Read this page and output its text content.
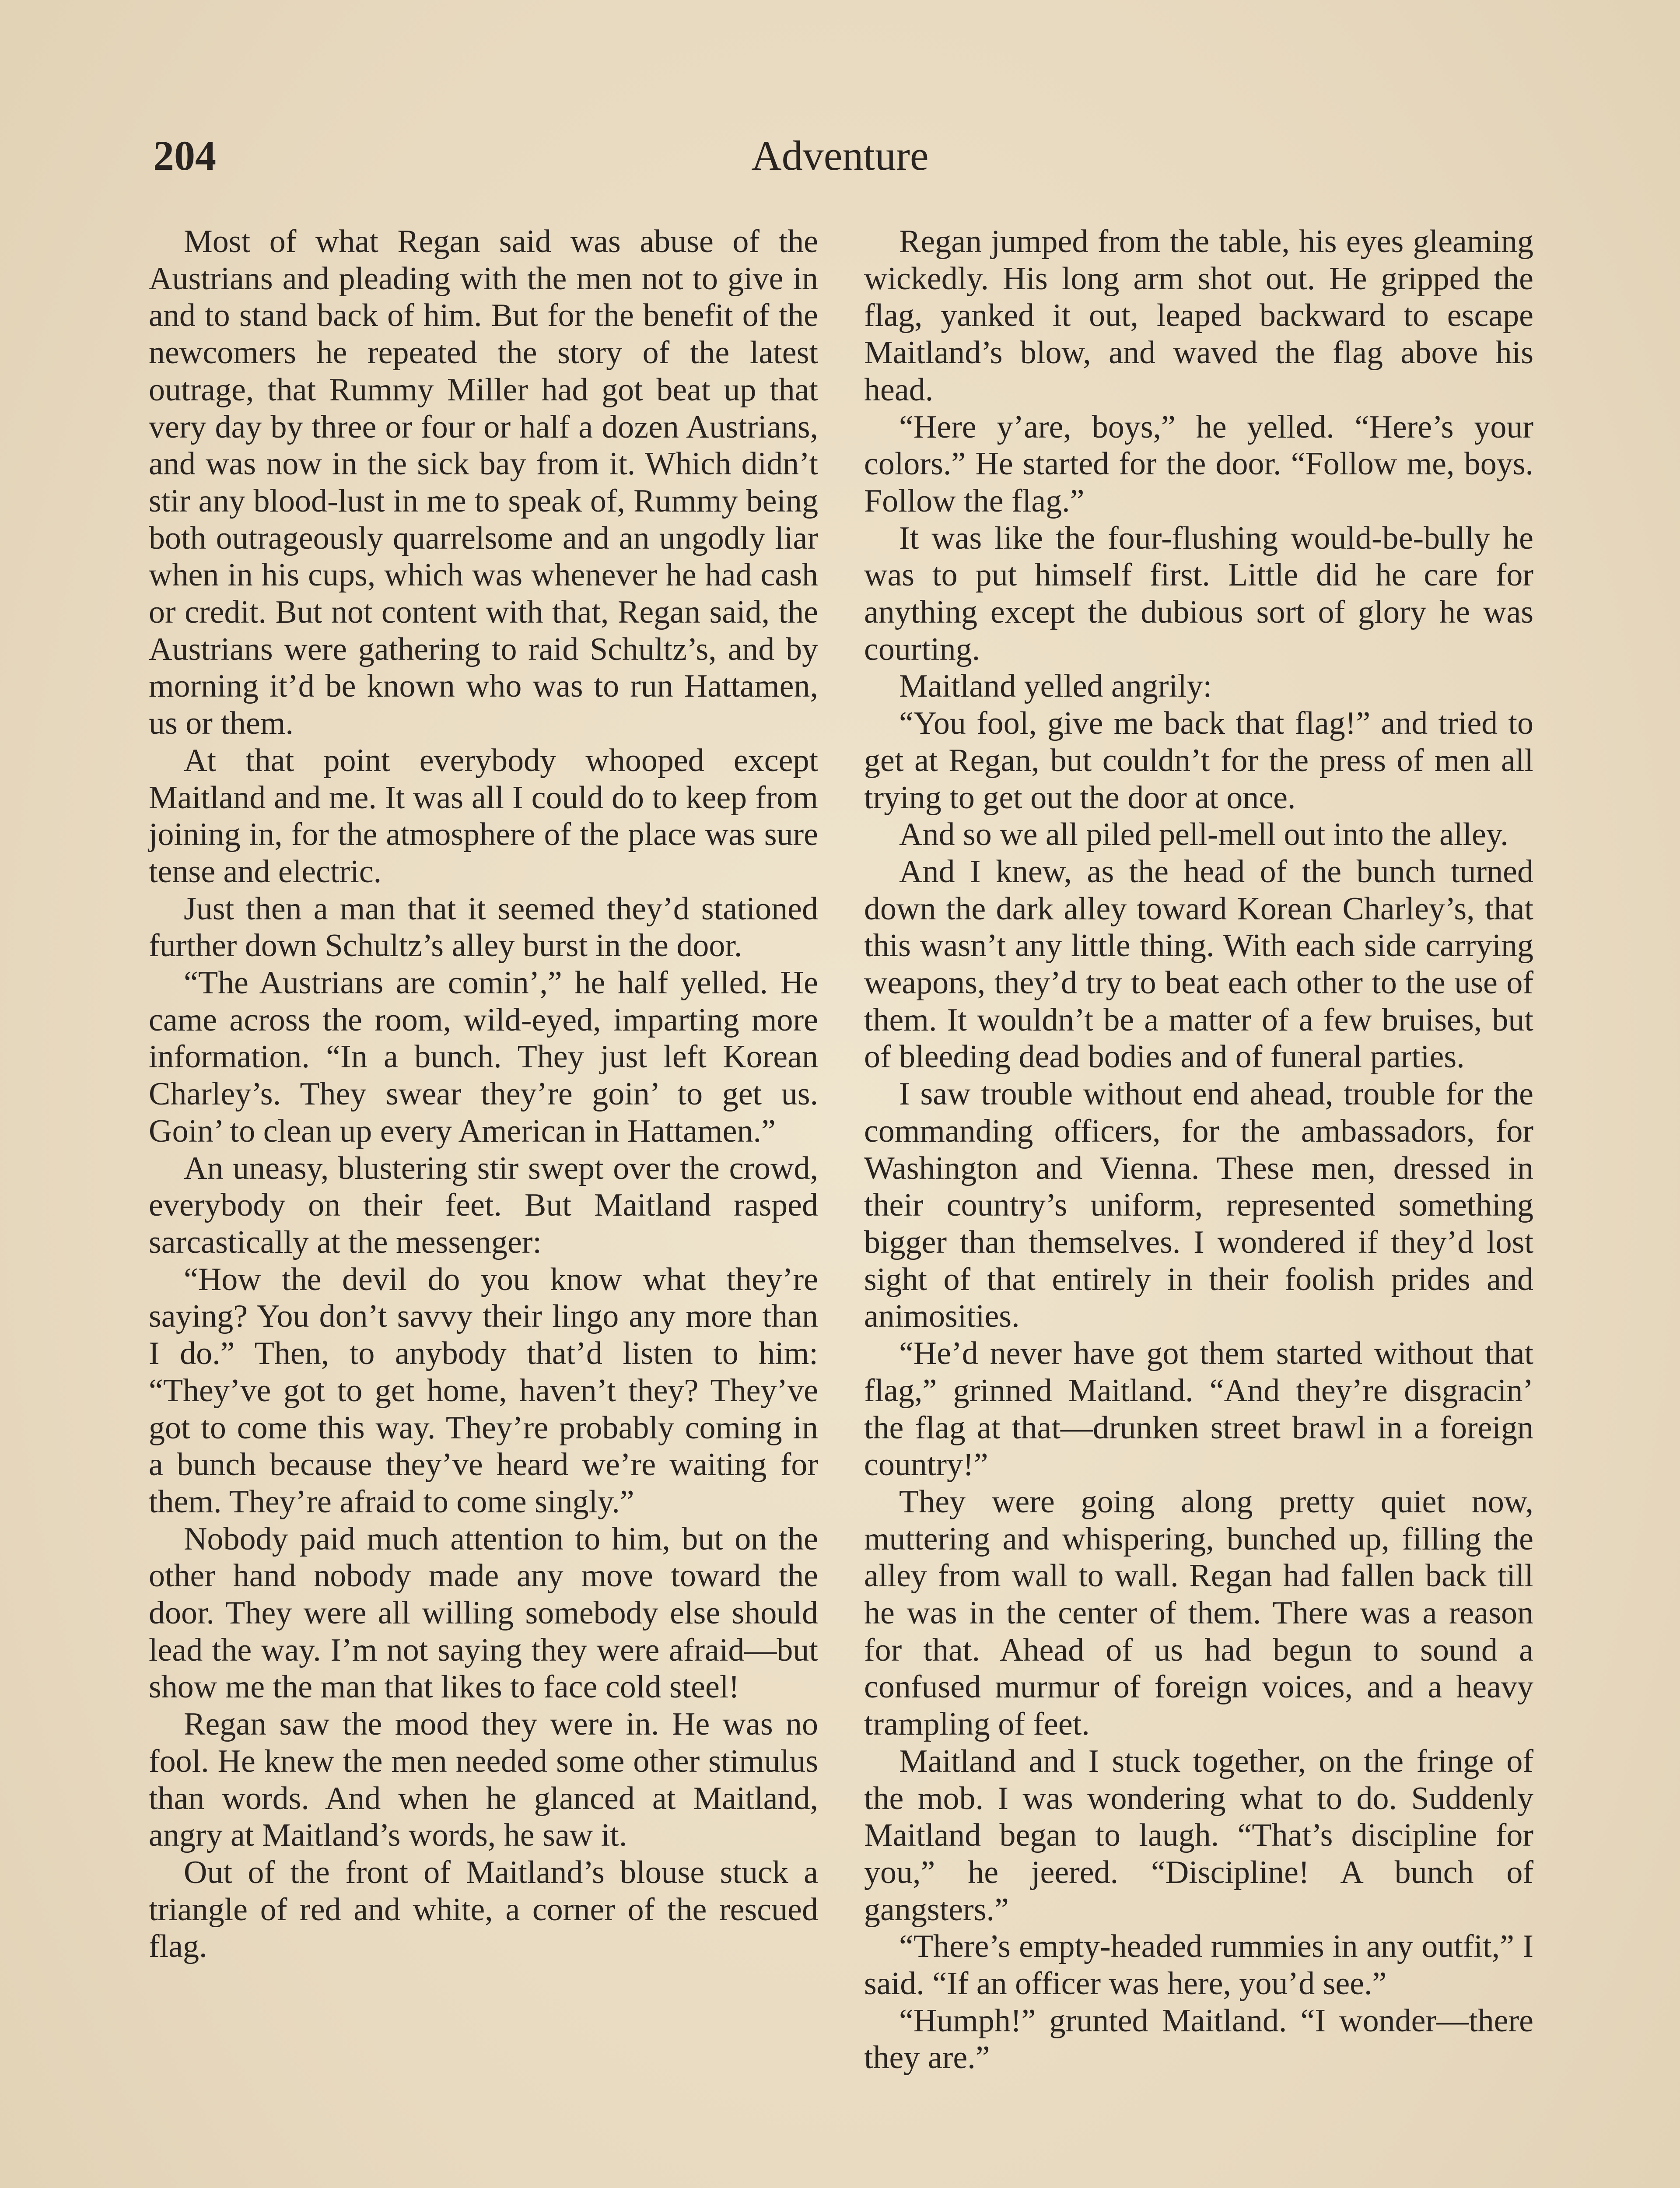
204	Adventure

Most of what Regan said was abuse of the Austrians and pleading with the men not to give in and to stand back of him. But for the benefit of the newcomers he repeated the story of the latest outrage, that Rummy Miller had got beat up that very day by three or four or half a dozen Austrians, and was now in the sick bay from it. Which didn’t stir any blood-lust in me to speak of, Rummy being both outrageously quarrelsome and an ungodly liar when in his cups, which was whenever he had cash or credit. But not content with that, Regan said, the Austrians were gathering to raid Schultz’s, and by morning it’d be known who was to run Hattamen, us or them.

At that point everybody whooped except Maitland and me. It was all I could do to keep from joining in, for the atmosphere of the place was sure tense and electric.

Just then a man that it seemed they’d stationed further down Schultz’s alley burst in the door.

“The Austrians are comin’,” he half yelled. He came across the room, wild-eyed, imparting more information. “In a bunch. They just left Korean Charley’s. They swear they’re goin’ to get us. Goin’ to clean up every American in Hattamen.”

An uneasy, blustering stir swept over the crowd, everybody on their feet. But Maitland rasped sarcastically at the messenger:

“How the devil do you know what they’re saying? You don’t savvy their lingo any more than I do.” Then, to anybody that’d listen to him: “They’ve got to get home, haven’t they? They’ve got to come this way. They’re probably coming in a bunch because they’ve heard we’re waiting for them. They’re afraid to come singly.”

Nobody paid much attention to him, but on the other hand nobody made any move toward the door. They were all willing somebody else should lead the way. I’m not saying they were afraid—but show me the man that likes to face cold steel!

Regan saw the mood they were in. He was no fool. He knew the men needed some other stimulus than words. And when he glanced at Maitland, angry at Maitland’s words, he saw it.

Out of the front of Maitland’s blouse stuck a triangle of red and white, a corner of the rescued flag.

Regan jumped from the table, his eyes gleaming wickedly. His long arm shot out. He gripped the flag, yanked it out, leaped backward to escape Maitland’s blow, and waved the flag above his head.

“Here y’are, boys,” he yelled. “Here’s your colors.” He started for the door. “Follow me, boys. Follow the flag.”

It was like the four-flushing would-be-bully he was to put himself first. Little did he care for anything except the dubious sort of glory he was courting.

Maitland yelled angrily:

“You fool, give me back that flag!” and tried to get at Regan, but couldn’t for the press of men all trying to get out the door at once.

And so we all piled pell-mell out into the alley.

And I knew, as the head of the bunch turned down the dark alley toward Korean Charley’s, that this wasn’t any little thing. With each side carrying weapons, they’d try to beat each other to the use of them. It wouldn’t be a matter of a few bruises, but of bleeding dead bodies and of funeral parties.

I saw trouble without end ahead, trouble for the commanding officers, for the ambassadors, for Washington and Vienna. These men, dressed in their country’s uniform, represented something bigger than themselves. I wondered if they’d lost sight of that entirely in their foolish prides and animosities.

“He’d never have got them started without that flag,” grinned Maitland. “And they’re disgracin’ the flag at that—drunken street brawl in a foreign country!”

They were going along pretty quiet now, muttering and whispering, bunched up, filling the alley from wall to wall. Regan had fallen back till he was in the center of them. There was a reason for that. Ahead of us had begun to sound a confused murmur of foreign voices, and a heavy trampling of feet.

Maitland and I stuck together, on the fringe of the mob. I was wondering what to do. Suddenly Maitland began to laugh. “That’s discipline for you,” he jeered. “Discipline! A bunch of gangsters.”

“There’s empty-headed rummies in any outfit,” I said. “If an officer was here, you’d see.”

“Humph!” grunted Maitland. “I wonder—there they are.”
